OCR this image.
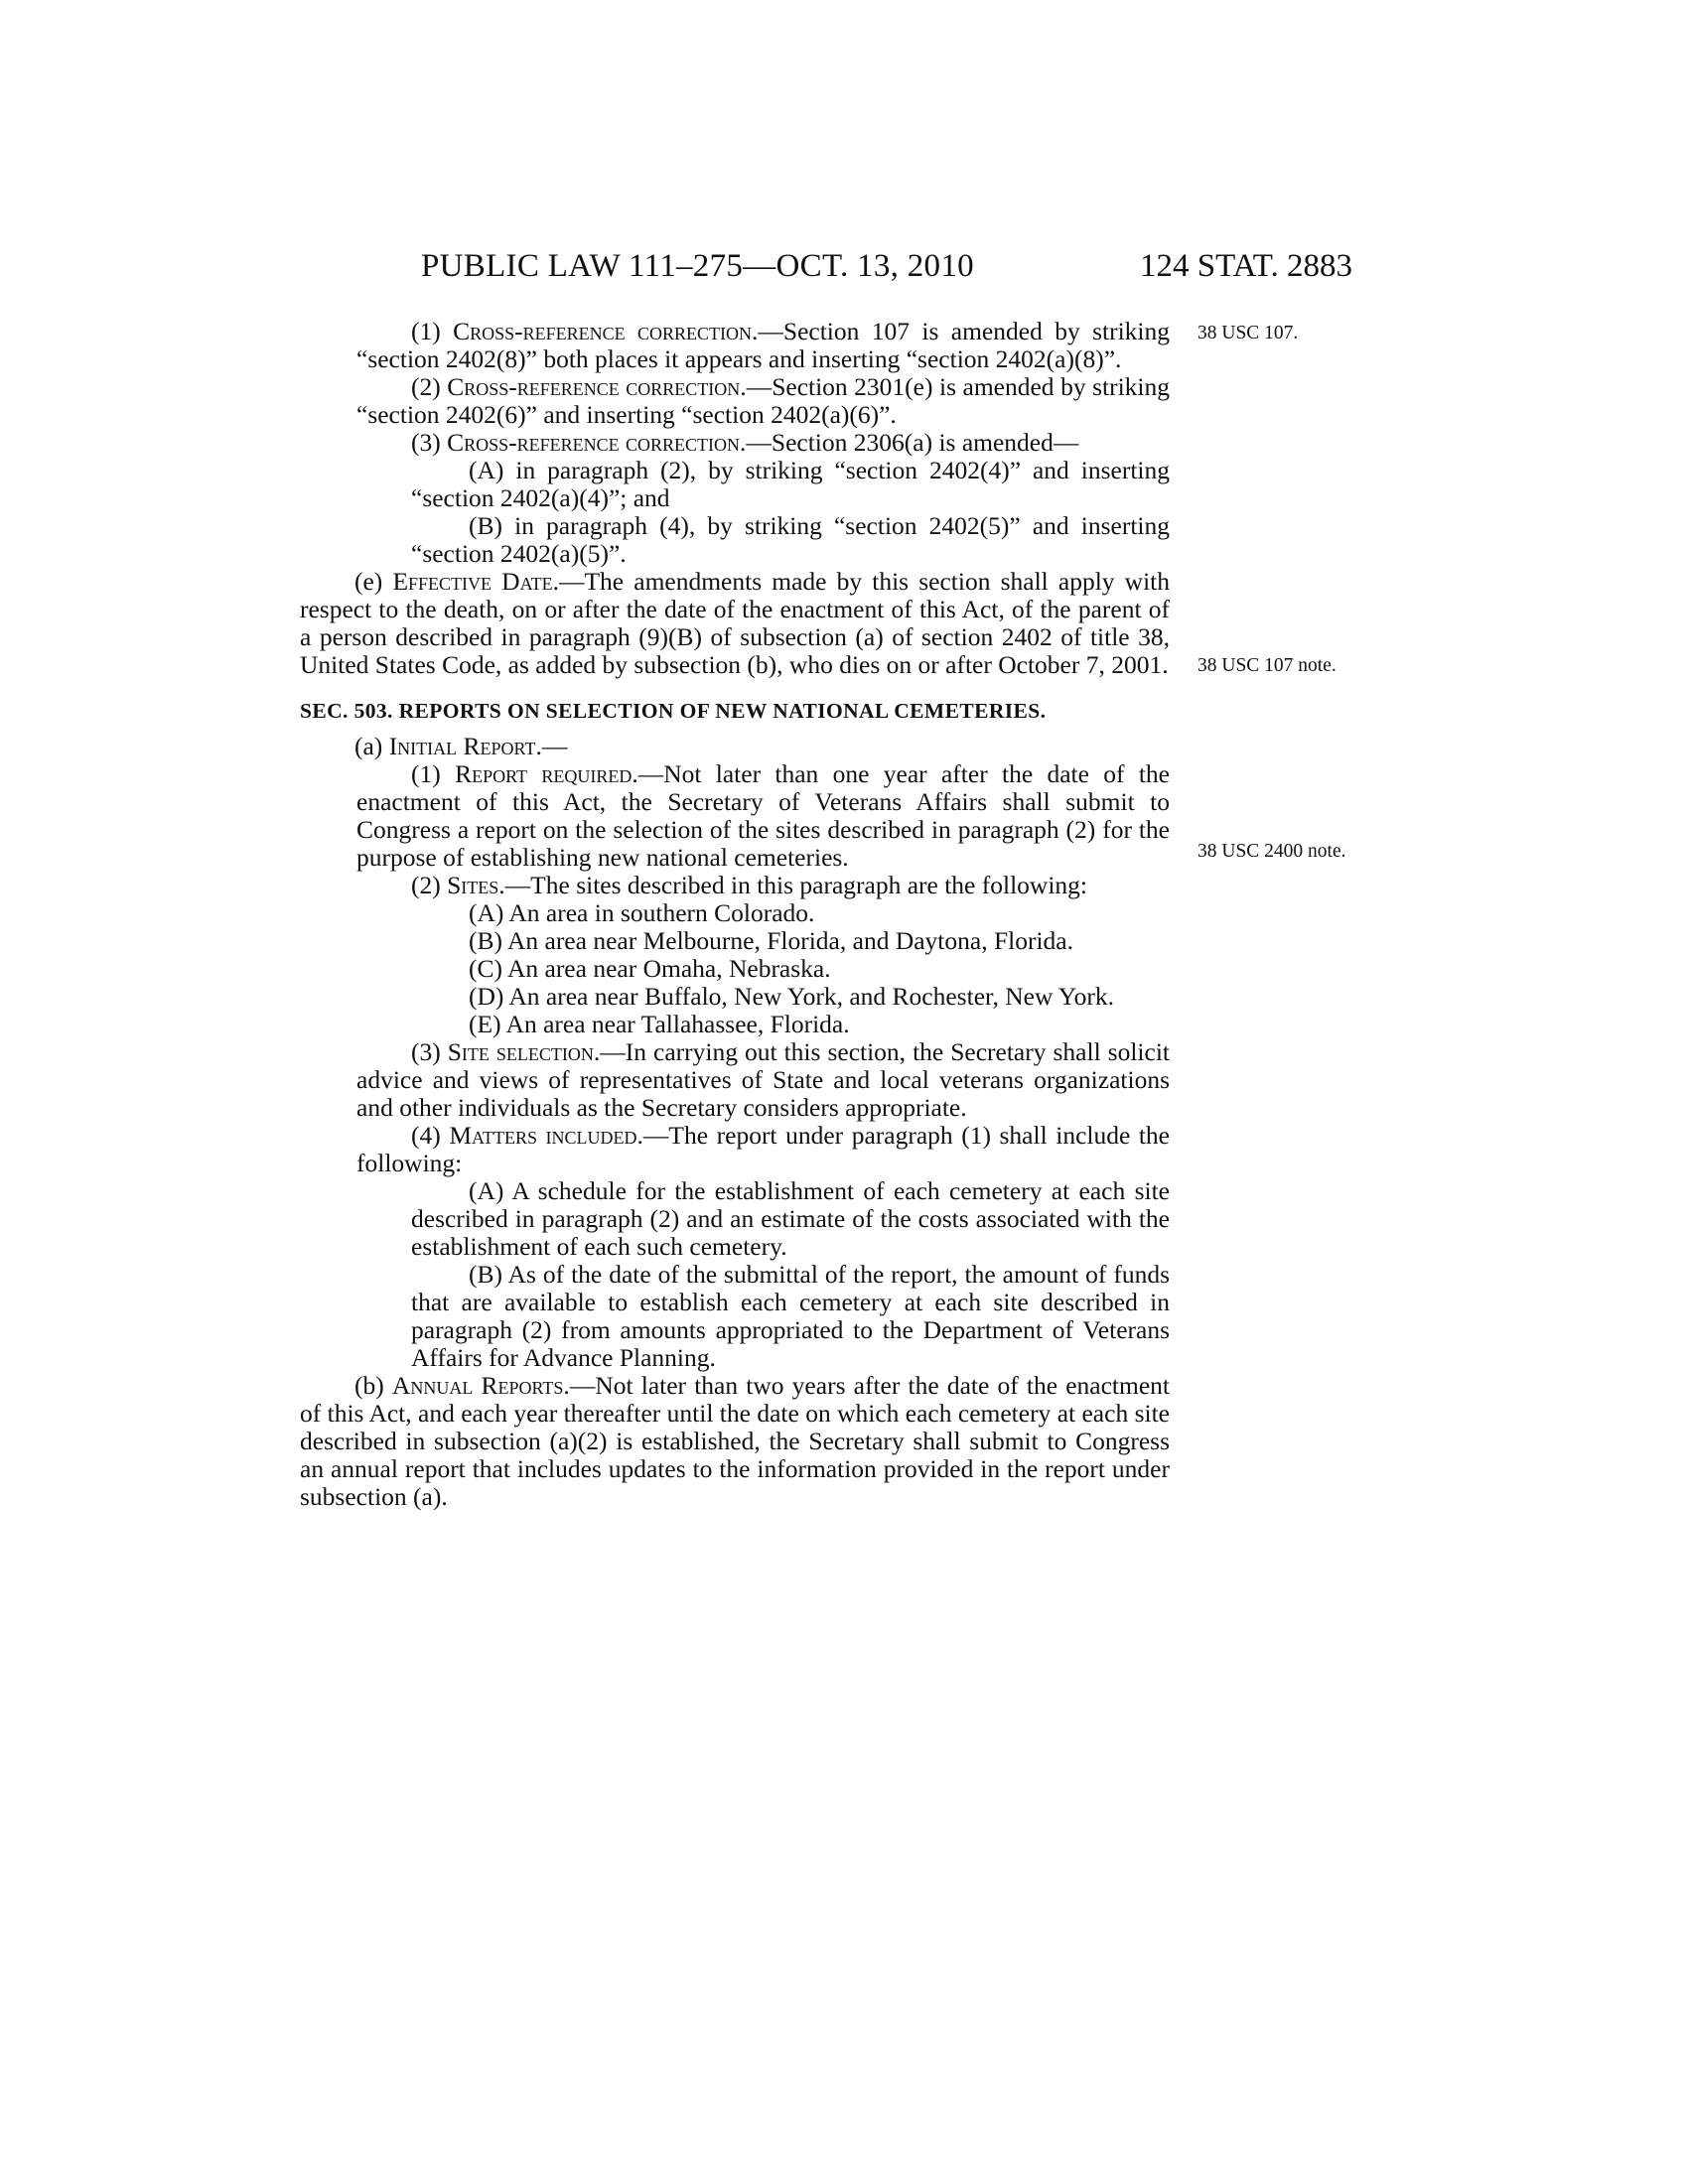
PUBLIC LAW 111–275—OCT. 13, 2010	124 STAT. 2883
38 USC 107.
38 USC 107 note.
38 USC 2400 note.

(1) Cross-reference correction.—Section 107 is amended by striking “section 2402(8)” both places it appears and inserting “section 2402(a)(8)”.

(2) Cross-reference correction.—Section 2301(e) is amended by striking “section 2402(6)” and inserting “section 2402(a)(6)”.

(3) Cross-reference correction.—Section 2306(a) is amended—

(A) in paragraph (2), by striking “section 2402(4)” and inserting “section 2402(a)(4)”; and

(B) in paragraph (4), by striking “section 2402(5)” and inserting “section 2402(a)(5)”.

(e) Effective Date.—The amendments made by this section shall apply with respect to the death, on or after the date of the enactment of this Act, of the parent of a person described in paragraph (9)(B) of subsection (a) of section 2402 of title 38, United States Code, as added by subsection (b), who dies on or after October 7, 2001.

SEC. 503. REPORTS ON SELECTION OF NEW NATIONAL CEMETERIES.

(a) Initial Report.—

(1) Report required.—Not later than one year after the date of the enactment of this Act, the Secretary of Veterans Affairs shall submit to Congress a report on the selection of the sites described in paragraph (2) for the purpose of establishing new national cemeteries.

(2) Sites.—The sites described in this paragraph are the following:

(A) An area in southern Colorado.

(B) An area near Melbourne, Florida, and Daytona, Florida.

(C) An area near Omaha, Nebraska.

(D) An area near Buffalo, New York, and Rochester, New York.

(E) An area near Tallahassee, Florida.

(3) Site selection.—In carrying out this section, the Secretary shall solicit advice and views of representatives of State and local veterans organizations and other individuals as the Secretary considers appropriate.

(4) Matters included.—The report under paragraph (1) shall include the following:

(A) A schedule for the establishment of each cemetery at each site described in paragraph (2) and an estimate of the costs associated with the establishment of each such cemetery.

(B) As of the date of the submittal of the report, the amount of funds that are available to establish each cemetery at each site described in paragraph (2) from amounts appropriated to the Department of Veterans Affairs for Advance Planning.

(b) Annual Reports.—Not later than two years after the date of the enactment of this Act, and each year thereafter until the date on which each cemetery at each site described in subsection (a)(2) is established, the Secretary shall submit to Congress an annual report that includes updates to the information provided in the report under subsection (a).
